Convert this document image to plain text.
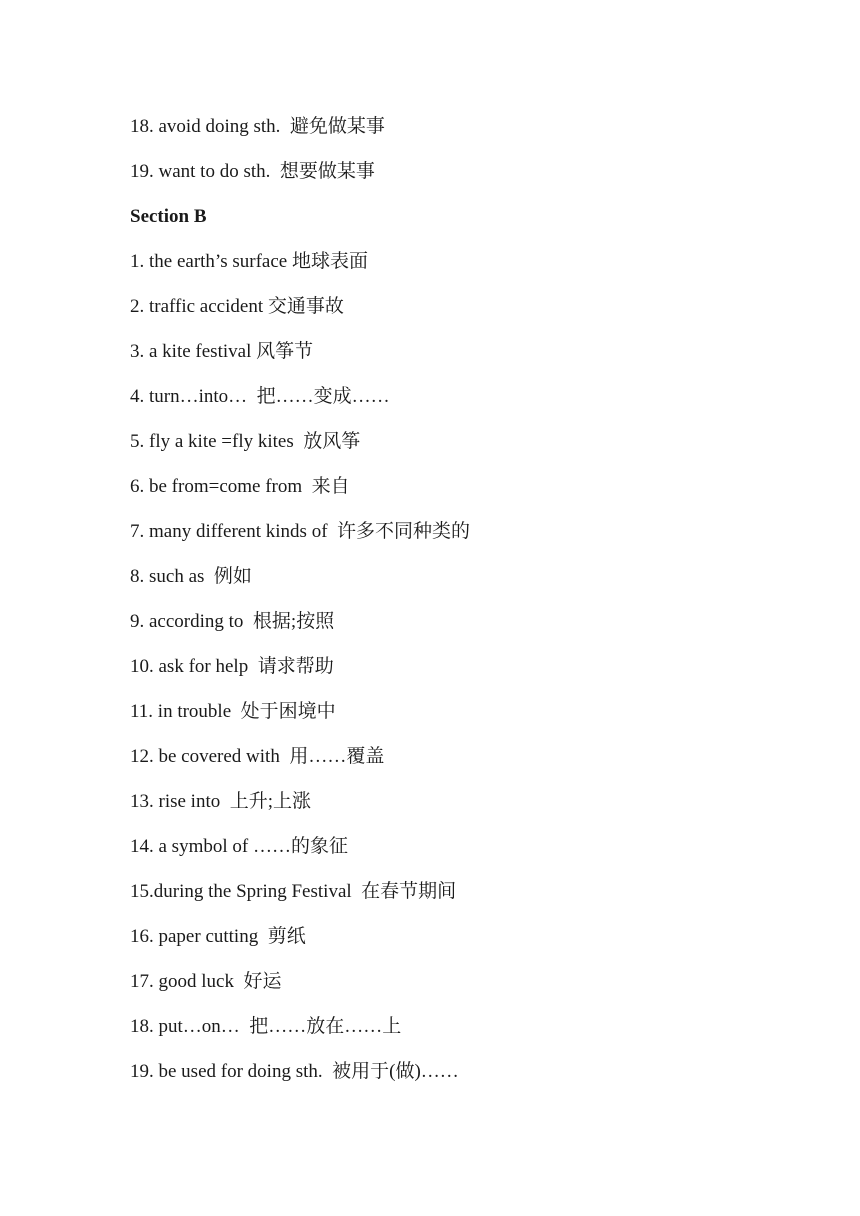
18. avoid doing sth.  避免做某事
19. want to do sth.  想要做某事
Section B
1. the earth’s surface 地球表面
2. traffic accident 交通事故
3. a kite festival 风筝节
4. turn…into…  把……变成……
5. fly a kite =fly kites  放风筝
6. be from=come from  来自
7. many different kinds of  许多不同种类的
8. such as  例如
9. according to  根据;按照
10. ask for help  请求帮助
11. in trouble  处于困境中
12. be covered with  用……覆盖
13. rise into  上升;上涨
14. a symbol of ……的象征
15.during the Spring Festival  在春节期间
16. paper cutting  剪纸
17. good luck  好运
18. put…on…  把……放在……上
19. be used for doing sth.  被用于(做)……
